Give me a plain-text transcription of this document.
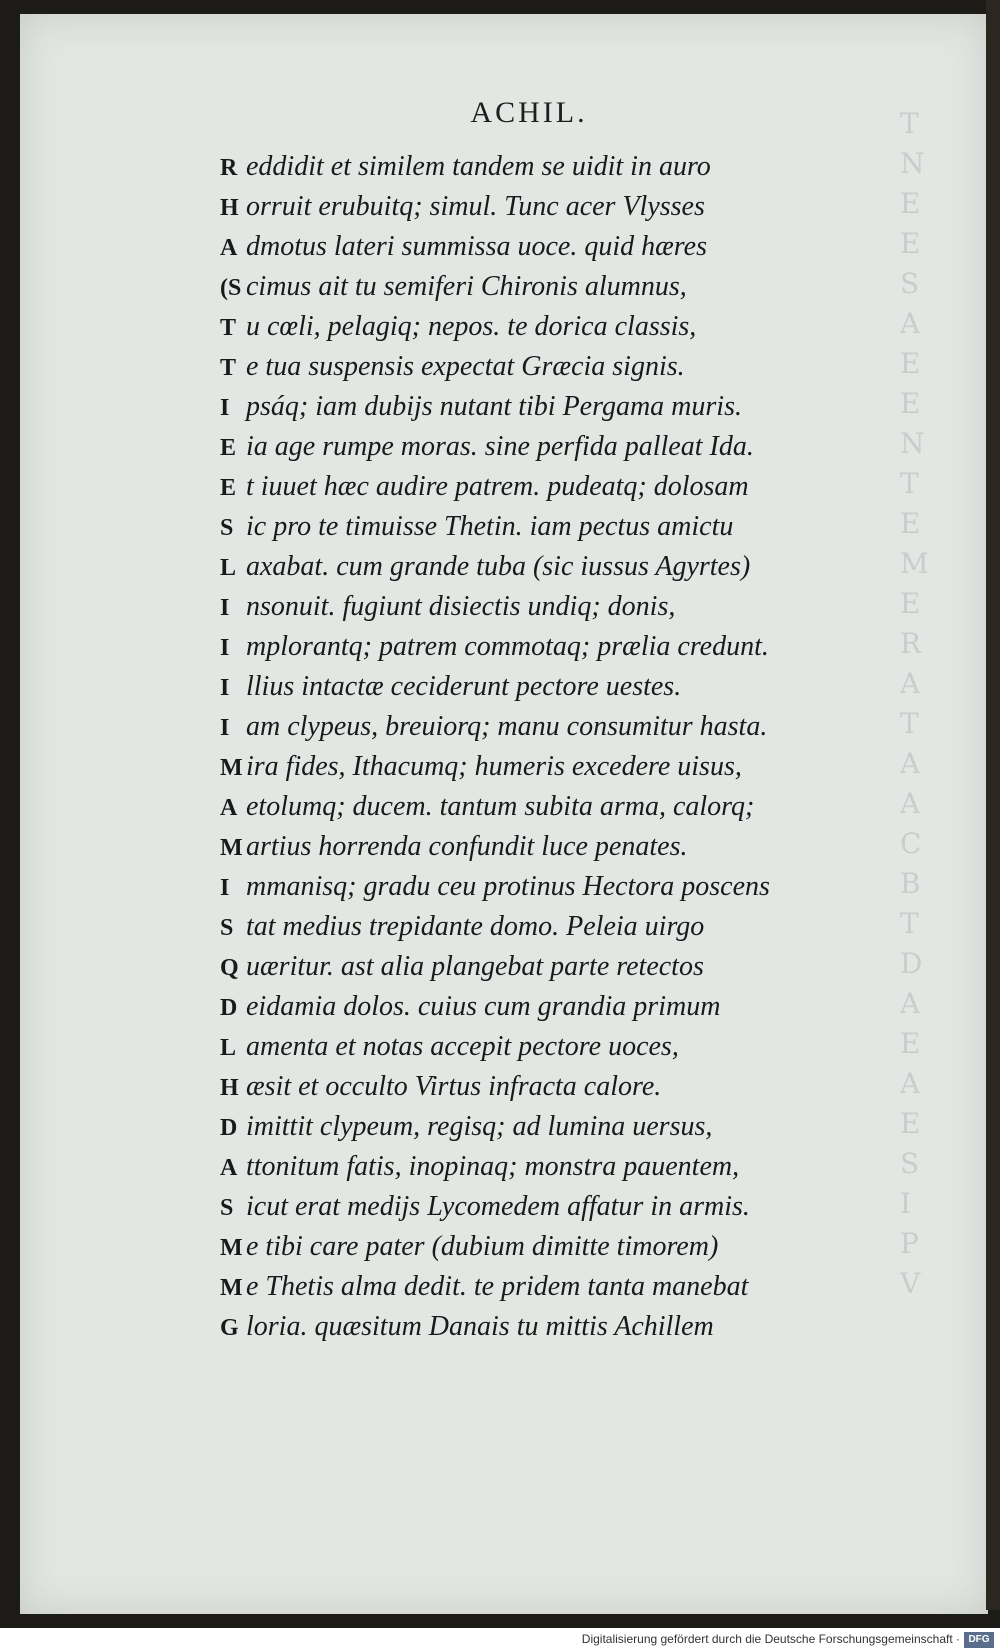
T
N
E
E
S
A
E
E
N
T
E
M
E
R
A
T
A
A
C
B
T
D
A
E
A
E
S
I
P
V
ACHIL.
R eddidit et similem tandem se uidit in auro
H orruit erubuitq; simul. Tunc acer Vlysses
A dmotus lateri summissa uoce. quid hæres
(S cimus ait tu semiferi Chironis alumnus,
T u cœli, pelagiq; nepos. te dorica classis,
T e tua suspensis expectat Græcia signis.
I psáq; iam dubijs nutant tibi Pergama muris.
E ia age rumpe moras. sine perfida palleat Ida.
E t iuuet hæc audire patrem. pudeatq; dolosam
S ic pro te timuisse Thetin. iam pectus amictu
L axabat. cum grande tuba (sic iussus Agyrtes)
I nsonuit. fugiunt disiectis undiq; donis,
I mplorantq; patrem commotaq; prælia credunt.
I llius intactæ ceciderunt pectore uestes.
I am clypeus, breuiorq; manu consumitur hasta.
M ira fides, Ithacumq; humeris excedere uisus,
A etolumq; ducem. tantum subita arma, calorq;
M artius horrenda confundit luce penates.
I mmanisq; gradu ceu protinus Hectora poscens
S tat medius trepidante domo. Peleia uirgo
Q uæritur. ast alia plangebat parte retectos
D eidamia dolos. cuius cum grandia primum
L amenta et notas accepit pectore uoces,
H æsit et occulto Virtus infracta calore.
D imittit clypeum, regisq; ad lumina uersus,
A ttonitum fatis, inopinaq; monstra pauentem,
S icut erat medijs Lycomedem affatur in armis.
M e tibi care pater (dubium dimitte timorem)
M e Thetis alma dedit. te pridem tanta manebat
G loria. quæsitum Danais tu mittis Achillem
Digitalisierung gefördert durch die Deutsche Forschungsgemeinschaft · DFG
